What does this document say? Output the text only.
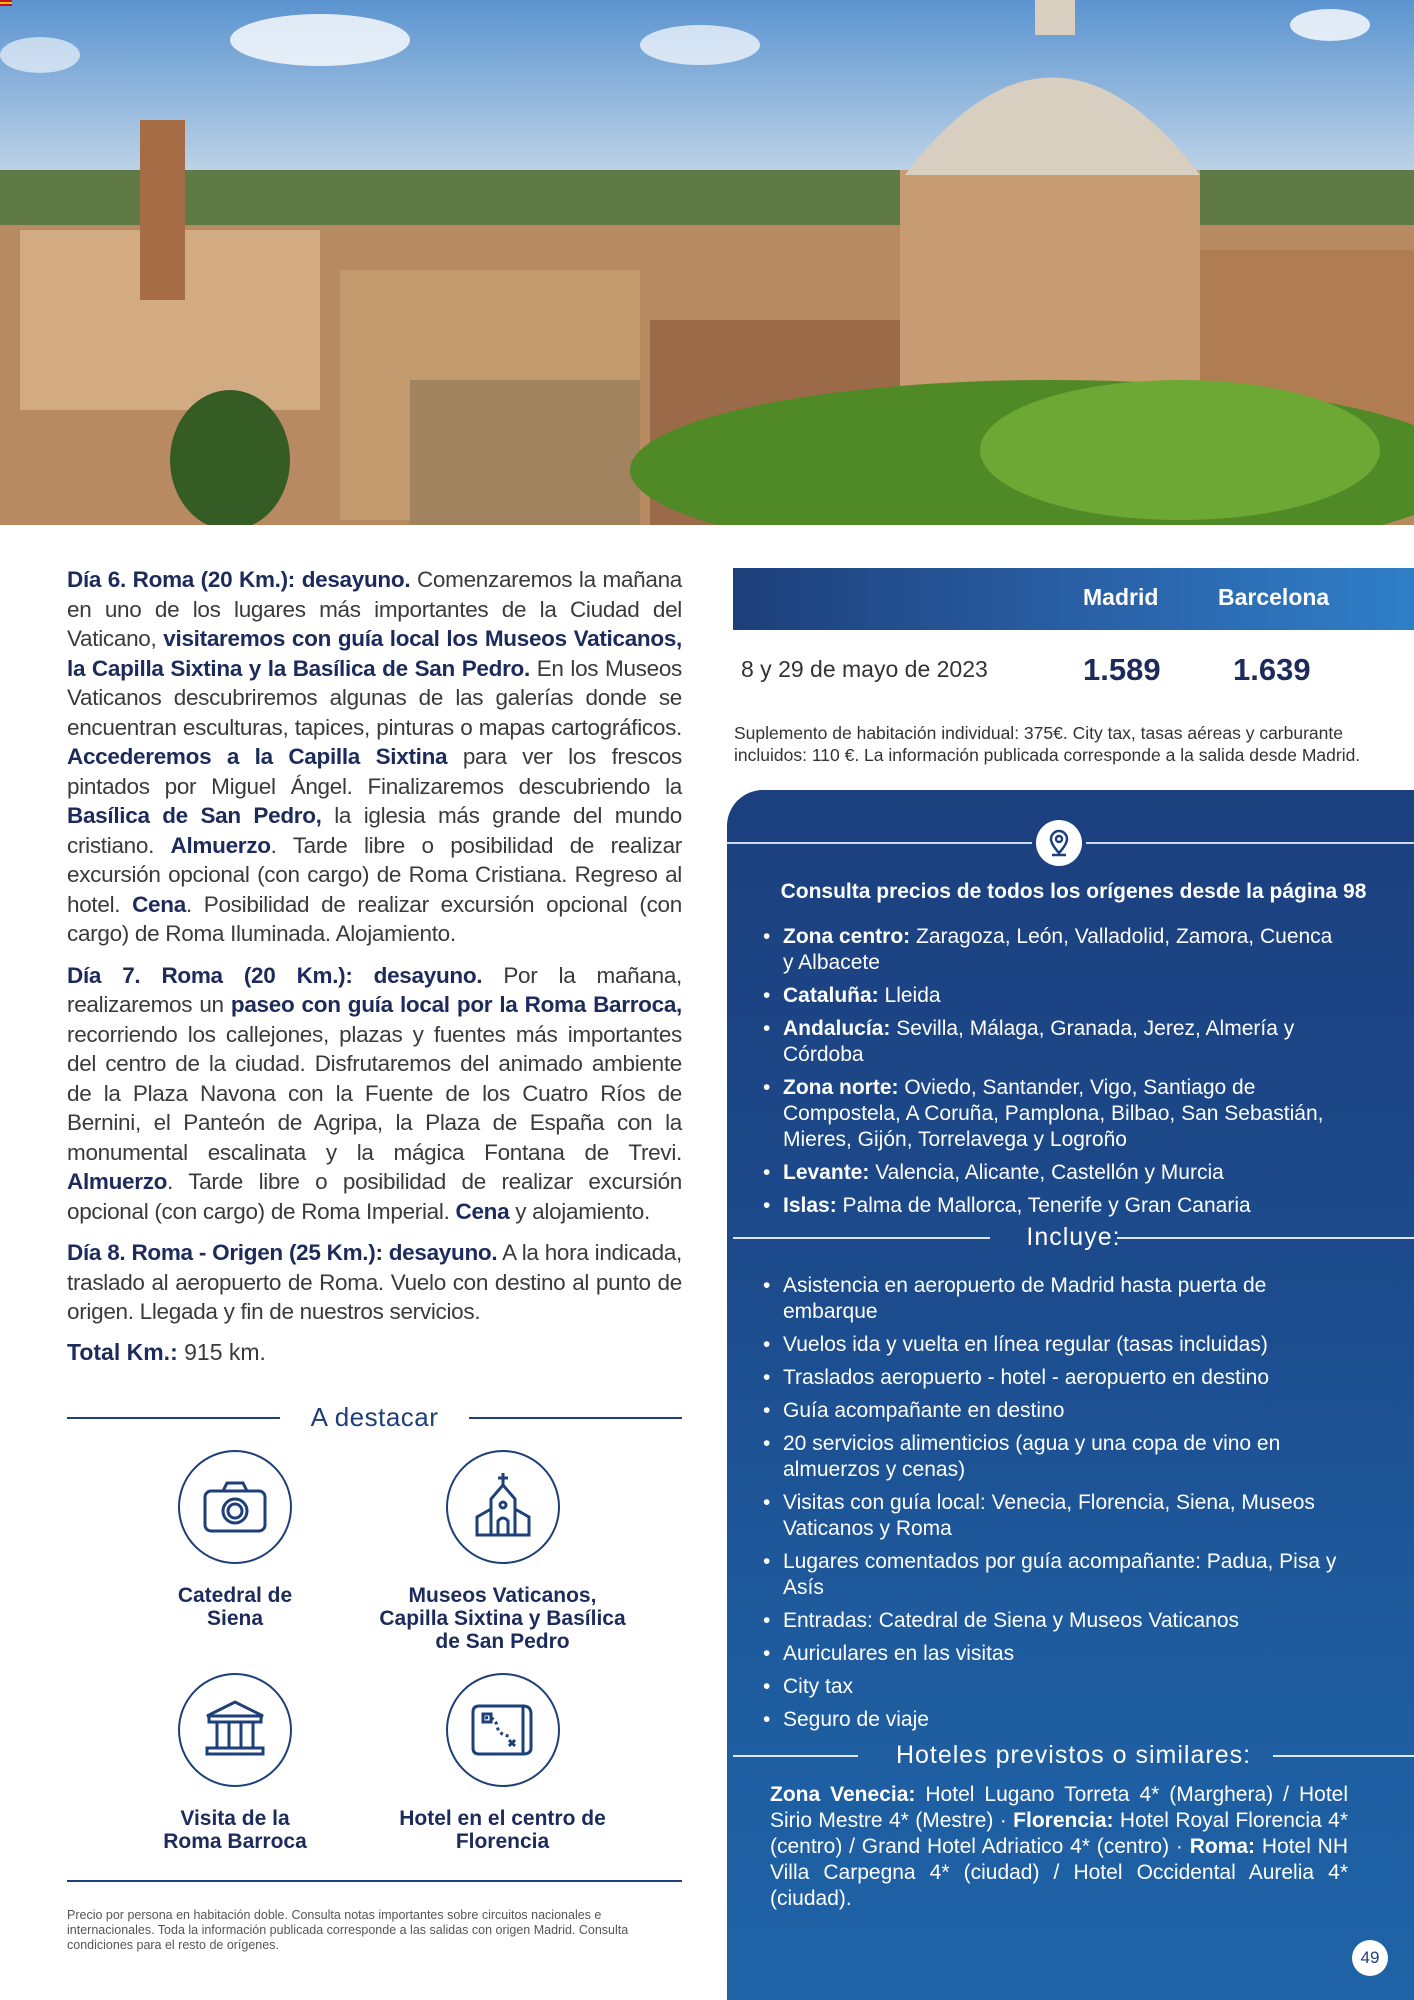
Día 6. Roma (20 Km.): desayuno. Comenzaremos la mañana en uno de los lugares más importantes de la Ciudad del Vaticano, visitaremos con guía local los Museos Vaticanos, la Capilla Sixtina y la Basílica de San Pedro. En los Museos Vaticanos descubriremos algunas de las galerías donde se encuentran esculturas, tapices, pinturas o mapas cartográficos. Accederemos a la Capilla Sixtina para ver los frescos pintados por Miguel Ángel. Finalizaremos descubriendo la Basílica de San Pedro, la iglesia más grande del mundo cristiano. Almuerzo. Tarde libre o posibilidad de realizar excursión opcional (con cargo) de Roma Cristiana. Regreso al hotel. Cena. Posibilidad de realizar excursión opcional (con cargo) de Roma Iluminada. Alojamiento.

Día 7. Roma (20 Km.): desayuno. Por la mañana, realizaremos un paseo con guía local por la Roma Barroca, recorriendo los callejones, plazas y fuentes más importantes del centro de la ciudad. Disfrutaremos del animado ambiente de la Plaza Navona con la Fuente de los Cuatro Ríos de Bernini, el Panteón de Agripa, la Plaza de España con la monumental escalinata y la mágica Fontana de Trevi. Almuerzo. Tarde libre o posibilidad de realizar excursión opcional (con cargo) de Roma Imperial. Cena y alojamiento.

Día 8. Roma - Origen (25 Km.): desayuno. A la hora indicada, traslado al aeropuerto de Roma. Vuelo con destino al punto de origen. Llegada y fin de nuestros servicios.

Total Km.: 915 km.

A destacar
Catedral de Siena
Museos Vaticanos, Capilla Sixtina y Basílica de San Pedro
Visita de la Roma Barroca
Hotel en el centro de Florencia
Precio por persona en habitación doble. Consulta notas importantes sobre circuitos nacionales e internacionales. Toda la información publicada corresponde a las salidas con origen Madrid. Consulta condiciones para el resto de orígenes.
Madrid	Barcelona
8 y 29 de mayo de 2023	1.589 1.639
Suplemento de habitación individual: 375€. City tax, tasas aéreas y carburante incluidos: 110 €. La información publicada corresponde a la salida desde Madrid.
Consulta precios de todos los orígenes desde la página 98
• Zona centro: Zaragoza, León, Valladolid, Zamora, Cuenca y Albacete
• Cataluña: Lleida
• Andalucía: Sevilla, Málaga, Granada, Jerez, Almería y Córdoba
• Zona norte: Oviedo, Santander, Vigo, Santiago de Compostela, A Coruña, Pamplona, Bilbao, San Sebastián, Mieres, Gijón, Torrelavega y Logroño
• Levante: Valencia, Alicante, Castellón y Murcia
• Islas: Palma de Mallorca, Tenerife y Gran Canaria
Incluye:
• Asistencia en aeropuerto de Madrid hasta puerta de embarque
• Vuelos ida y vuelta en línea regular (tasas incluidas)
• Traslados aeropuerto - hotel - aeropuerto en destino
• Guía acompañante en destino
• 20 servicios alimenticios (agua y una copa de vino en almuerzos y cenas)
• Visitas con guía local: Venecia, Florencia, Siena, Museos Vaticanos y Roma
• Lugares comentados por guía acompañante: Padua, Pisa y Asís
• Entradas: Catedral de Siena y Museos Vaticanos
• Auriculares en las visitas
• City tax
• Seguro de viaje
Hoteles previstos o similares:
Zona Venecia: Hotel Lugano Torreta 4* (Marghera) / Hotel Sirio Mestre 4* (Mestre) · Florencia: Hotel Royal Florencia 4* (centro) / Grand Hotel Adriatico 4* (centro) · Roma: Hotel NH Villa Carpegna 4* (ciudad) / Hotel Occidental Aurelia 4* (ciudad).
49
